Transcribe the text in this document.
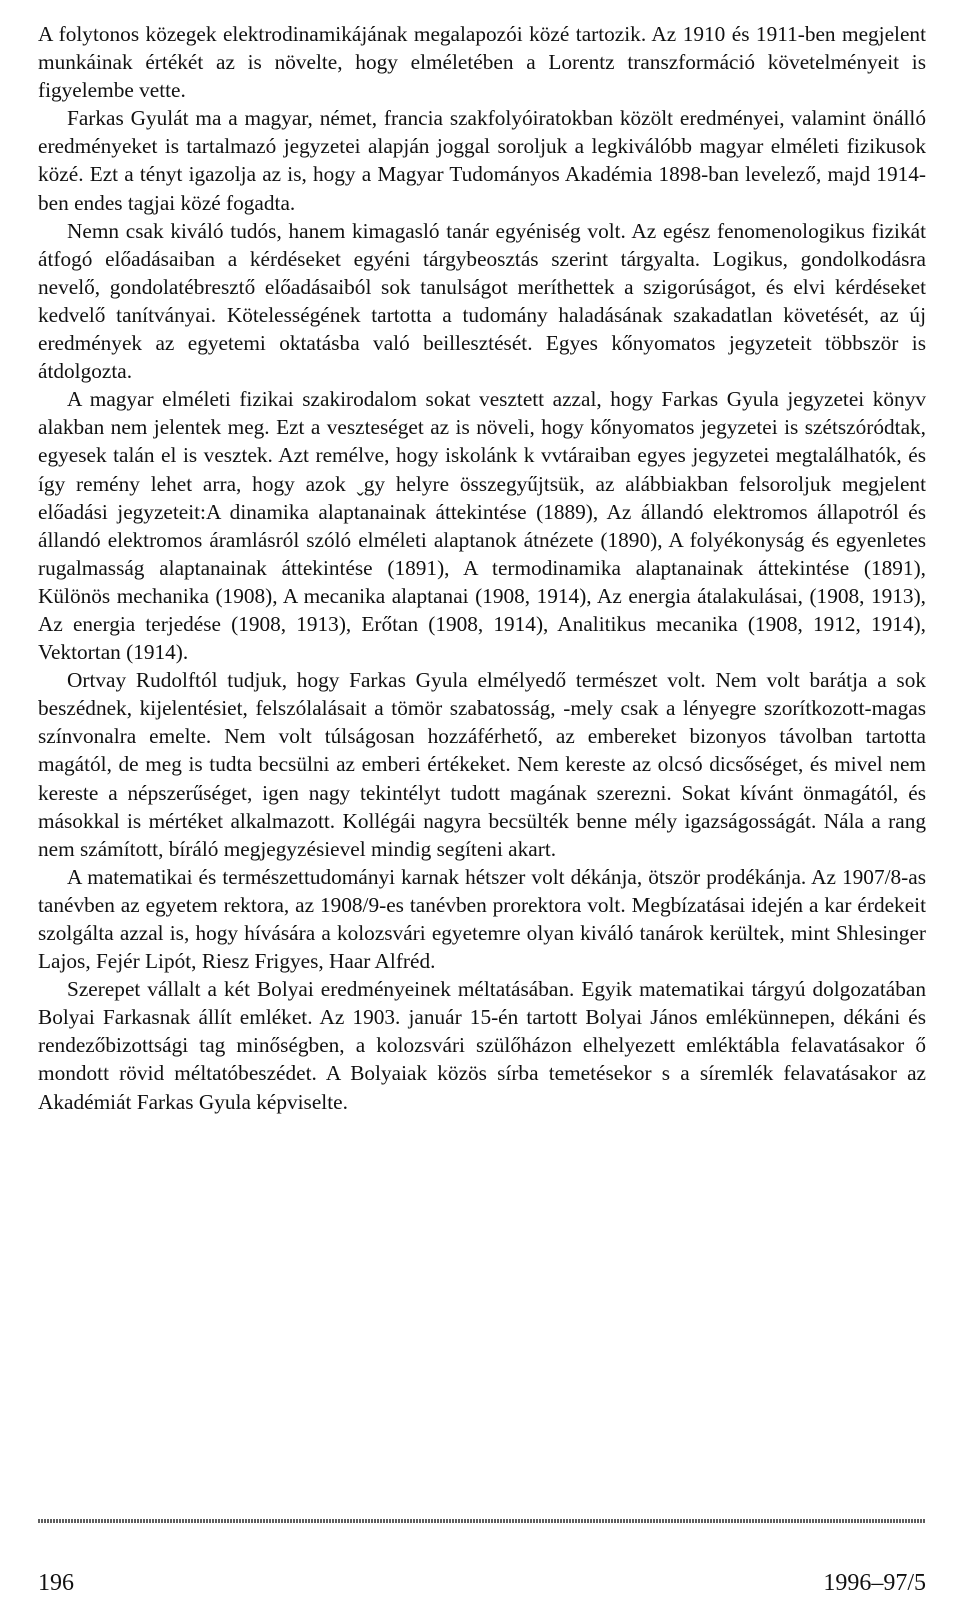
A folytonos közegek elektrodinamikájának megalapozói közé tartozik. Az 1910 és 1911-ben megjelent munkáinak értékét az is növelte, hogy elméletében a Lorentz transzformáció követelményeit is figyelembe vette.

Farkas Gyulát ma a magyar, német, francia szakfolyóiratokban közölt eredményei, valamint önálló eredményeket is tartalmazó jegyzetei alapján joggal soroljuk a legkiválóbb magyar elméleti fizikusok közé. Ezt a tényt igazolja az is, hogy a Magyar Tudományos Akadémia 1898-ban levelező, majd 1914-ben endes tagjai közé fogadta.

Nemn csak kiváló tudós, hanem kimagasló tanár egyéniség volt. Az egész fenomenologikus fizikát átfogó előadásaiban a kérdéseket egyéni tárgybeosztás szerint tárgyalta. Logikus, gondolkodásra nevelő, gondolatébresztő előadásaiból sok tanulságot meríthettek a szigorúságot, és elvi kérdéseket kedvelő tanítványai. Kötelességének tartotta a tudomány haladásának szakadatlan követését, az új eredmények az egyetemi oktatásba való beillesztését. Egyes kőnyomatos jegyzeteit többször is átdolgozta.

A magyar elméleti fizikai szakirodalom sokat vesztett azzal, hogy Farkas Gyula jegyzetei könyv alakban nem jelentek meg. Ezt a veszteséget az is növeli, hogy kőnyomatos jegyzetei is szétszóródtak, egyesek talán el is vesztek. Azt remélve, hogy iskolánk k vvtáraiban egyes jegyzetei megtalálhatók, és így remény lehet arra, hogy azok ˬgy helyre összegyűjtsük, az alábbiakban felsoroljuk megjelent előadási jegyzeteit:A dinamika alaptanainak áttekintése (1889), Az állandó elektromos állapotról és állandó elektromos áramlásról szóló elméleti alaptanok átnézete (1890), A folyékonyság és egyenletes rugalmasság alaptanainak áttekintése (1891), A termodinamika alaptanainak áttekintése (1891), Különös mechanika (1908), A mecanika alaptanai (1908, 1914), Az energia átalakulásai, (1908, 1913), Az energia terjedése (1908, 1913), Erőtan (1908, 1914), Analitikus mecanika (1908, 1912, 1914), Vektortan (1914).

Ortvay Rudolftól tudjuk, hogy Farkas Gyula elmélyedő természet volt. Nem volt barátja a sok beszédnek, kijelentésiet, felszólalásait a tömör szabatosság, -mely csak a lényegre szorítkozott-magas színvonalra emelte. Nem volt túlságosan hozzáférhető, az embereket bizonyos távolban tartotta magától, de meg is tudta becsülni az emberi értékeket. Nem kereste az olcsó dicsőséget, és mivel nem kereste a népszerűséget, igen nagy tekintélyt tudott magának szerezni. Sokat kívánt önmagától, és másokkal is mértéket alkalmazott. Kollégái nagyra becsülték benne mély igazságosságát. Nála a rang nem számított, bíráló megjegyzésievel mindig segíteni akart.

A matematikai és természettudományi karnak hétszer volt dékánja, ötször prodékánja. Az 1907/8-as tanévben az egyetem rektora, az 1908/9-es tanévben prorektora volt. Megbízatásai idején a kar érdekeit szolgálta azzal is, hogy hívására a kolozsvári egyetemre olyan kiváló tanárok kerültek, mint Shlesinger Lajos, Fejér Lipót, Riesz Frigyes, Haar Alfréd.

Szerepet vállalt a két Bolyai eredményeinek méltatásában. Egyik matematikai tárgyú dolgozatában Bolyai Farkasnak állít emléket. Az 1903. január 15-én tartott Bolyai János emlékünnepen, dékáni és rendezőbizottsági tag minőségben, a kolozsvári szülőházon elhelyezett emléktábla felavatásakor ő mondott rövid méltatóbeszédet. A Bolyaiak közös sírba temetésekor s a síremlék felavatásakor az Akadémiát Farkas Gyula képviselte.

196	1996–97/5
